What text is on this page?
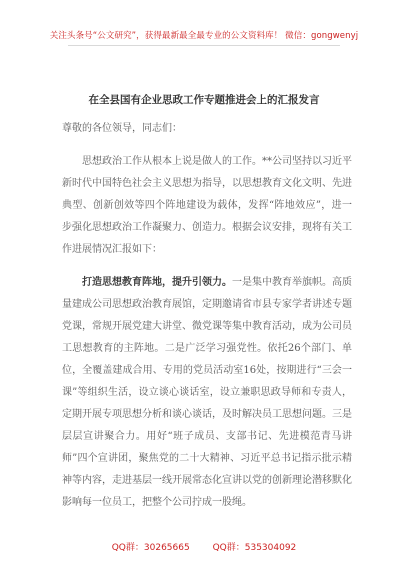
关注头条号“公文研究”，获得最新最全最专业的公文资料库！ 微信：gongwenyj
在全县国有企业思政工作专题推进会上的汇报发言

尊敬的各位领导，同志们：

思想政治工作从根本上说是做人的工作。**公司坚持以习近平新时代中国特色社会主义思想为指导，以思想教育文化文明、先进典型、创新创效等四个阵地建设为载体，发挥“阵地效应”，进一步强化思想政治工作凝聚力、创造力。根据会议安排，现将有关工作进展情况汇报如下：

打造思想教育阵地，提升引领力。一是集中教育举旗帜。高质量建成公司思想政治教育展馆，定期邀请省市县专家学者讲述专题党课，常规开展党建大讲堂、微党课等集中教育活动，成为公司员工思想教育的主阵地。二是广泛学习强党性。依托26个部门、单位，全覆盖建成合用、专用的党员活动室16处，按期进行“三会一课”等组织生活，设立谈心谈话室，设立兼职思政导师和专责人，定期开展专项思想分析和谈心谈话，及时解决员工思想问题。三是层层宣讲聚合力。用好“班子成员、支部书记、先进模范青马讲师”四个宣讲团，聚焦党的二十大精神、习近平总书记指示批示精神等内容，走进基层一线开展常态化宣讲以党的创新理论潜移默化影响每一位员工，把整个公司拧成一股绳。

QQ群：30265665	QQ群：535304092
